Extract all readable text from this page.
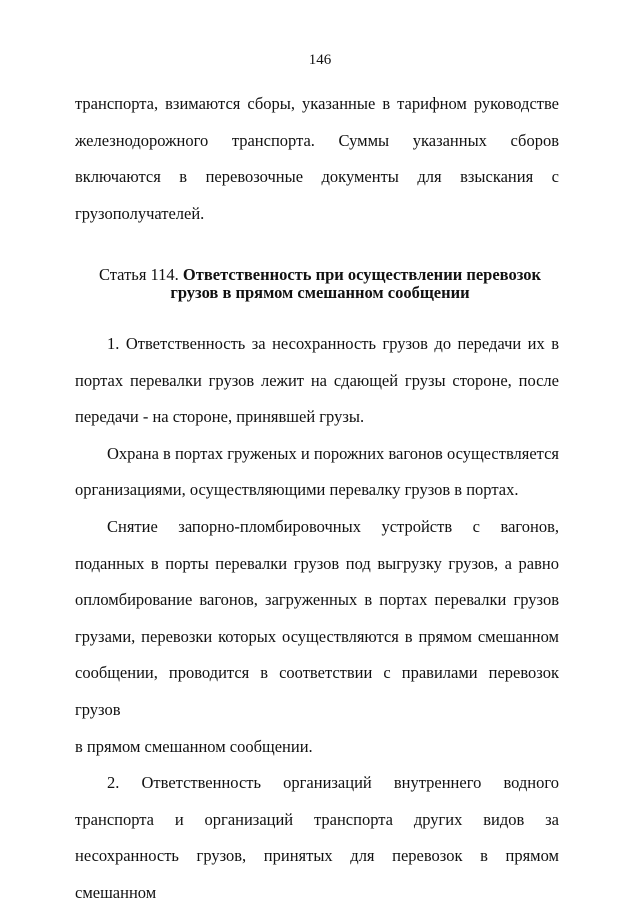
146

транспорта, взимаются сборы, указанные в тарифном руководстве
железнодорожного транспорта. Суммы указанных сборов
включаются в перевозочные документы для взыскания с
грузополучателей.

Статья 114. Ответственность при осуществлении перевозок
грузов в прямом смешанном сообщении

1. Ответственность за несохранность грузов до передачи их в

портах перевалки грузов лежит на сдающей грузы стороне, после
передачи - на стороне, принявшей грузы.

Охрана в портах груженых и порожних вагонов осуществляется
организациями, осуществляющими перевалку грузов в портах.

Снятие запорно-пломбировочных устройств с вагонов,
поданных в порты перевалки грузов под выгрузку грузов, а равно
опломбирование вагонов, загруженных в портах перевалки грузов
грузами, перевозки которых осуществляются в прямом смешанном
сообщении, проводится в соответствии с правилами перевозок грузов
в прямом смешанном сообщении.

2. Ответственность организаций внутреннего водного
транспорта и организаций транспорта других видов за
несохранность грузов, принятых для перевозок в прямом смешанном
